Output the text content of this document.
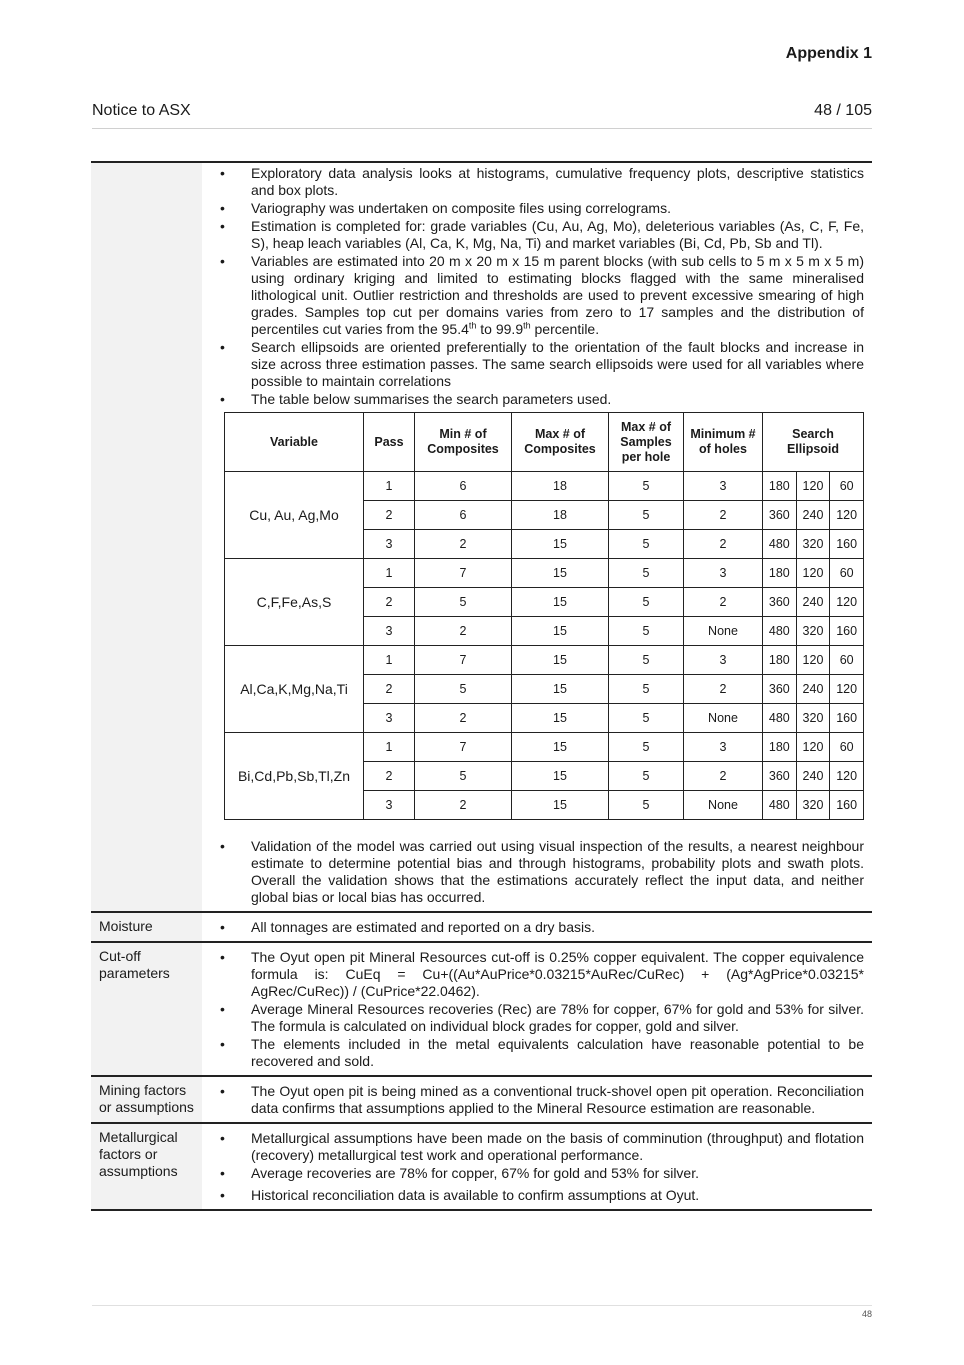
Appendix 1
Notice to ASX	48 / 105

• Exploratory data analysis looks at histograms, cumulative frequency plots, descriptive statistics and box plots.
• Variography was undertaken on composite files using correlograms.
• Estimation is completed for: grade variables (Cu, Au, Ag, Mo), deleterious variables (As, C, F, Fe, S), heap leach variables (Al, Ca, K, Mg, Na, Ti) and market variables (Bi, Cd, Pb, Sb and Tl).
• Variables are estimated into 20 m x 20 m x 15 m parent blocks (with sub cells to 5 m x 5 m x 5 m) using ordinary kriging and limited to estimating blocks flagged with the same mineralised lithological unit. Outlier restriction and thresholds are used to prevent excessive smearing of high grades. Samples top cut per domains varies from zero to 17 samples and the distribution of percentiles cut varies from the 95.4th to 99.9th percentile.
• Search ellipsoids are oriented preferentially to the orientation of the fault blocks and increase in size across three estimation passes. The same search ellipsoids were used for all variables where possible to maintain correlations
• The table below summarises the search parameters used.
Variable	Pass	Min # of Composites	Max # of Composites	Max # of Samples per hole	Minimum # of holes	Search Ellipsoid
Cu, Au, Ag,Mo	1	6	18	5	3	180	120	60
2	6	18	5	2	360	240	120
3	2	15	5	2	480	320	160
C,F,Fe,As,S	1	7	15	5	3	180	120	60
2	5	15	5	2	360	240	120
3	2	15	5	None	480	320	160
Al,Ca,K,Mg,Na,Ti	1	7	15	5	3	180	120	60
2	5	15	5	2	360	240	120
3	2	15	5	None	480	320	160
Bi,Cd,Pb,Sb,Tl,Zn	1	7	15	5	3	180	120	60
2	5	15	5	2	360	240	120
3	2	15	5	None	480	320	160
• Validation of the model was carried out using visual inspection of the results, a nearest neighbour estimate to determine potential bias and through histograms, probability plots and swath plots. Overall the validation shows that the estimations accurately reflect the input data, and neither global bias or local bias has occurred.

Moisture	
•All tonnages are estimated and reported on a dry basis.

Cut-off parameters	
• The Oyut open pit Mineral Resources cut-off is 0.25% copper equivalent. The copper equivalence formula is: CuEq = Cu+((Au*AuPrice*0.03215*AuRec/CuRec) + (Ag*AgPrice*0.03215* AgRec/CuRec)) / (CuPrice*22.0462).
• Average Mineral Resources recoveries (Rec) are 78% for copper, 67% for gold and 53% for silver. The formula is calculated on individual block grades for copper, gold and silver.
• The elements included in the metal equivalents calculation have reasonable potential to be recovered and sold.

Mining factors or assumptions	
• The Oyut open pit is being mined as a conventional truck-shovel open pit operation. Reconciliation data confirms that assumptions applied to the Mineral Resource estimation are reasonable.

Metallurgical factors or assumptions	
• Metallurgical assumptions have been made on the basis of comminution (throughput) and flotation (recovery) metallurgical test work and operational performance.
• Average recoveries are 78% for copper, 67% for gold and 53% for silver.
• Historical reconciliation data is available to confirm assumptions at Oyut.
48
